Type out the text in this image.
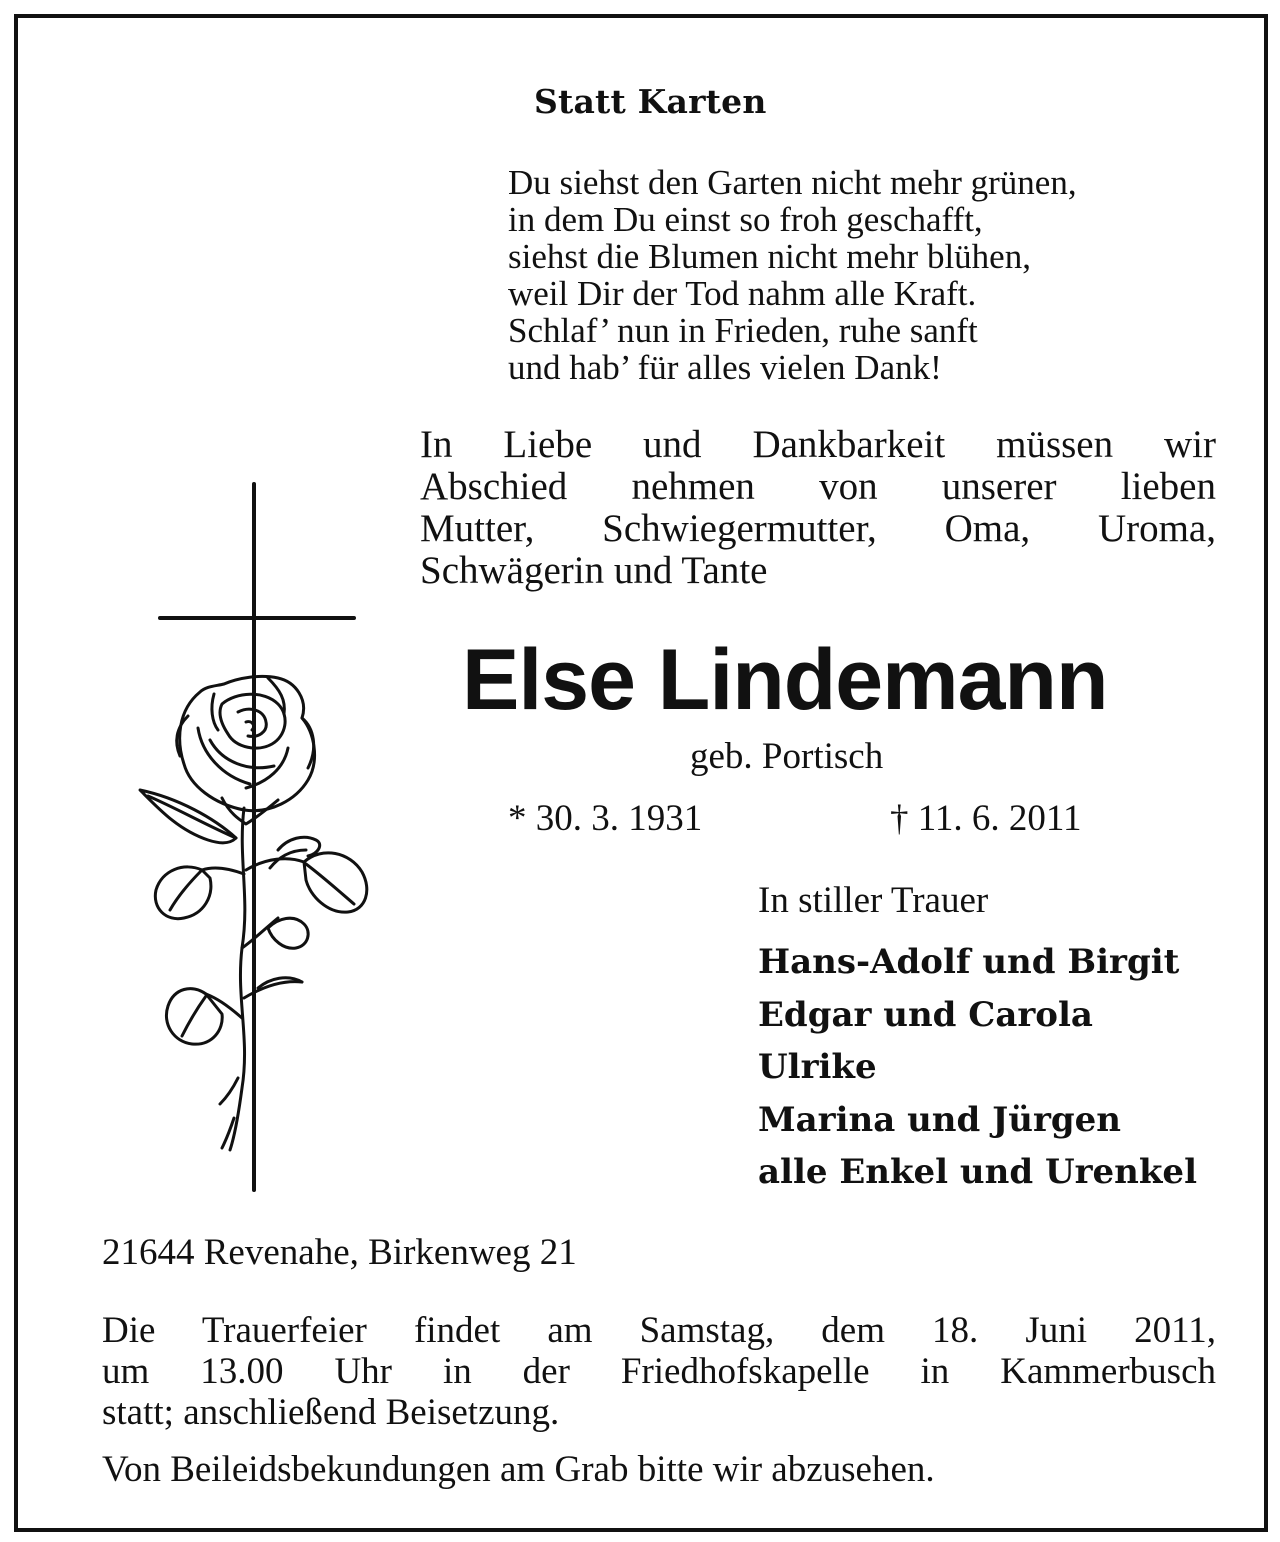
Statt Karten
Du siehst den Garten nicht mehr grünen,
in dem Du einst so froh geschafft,
siehst die Blumen nicht mehr blühen,
weil Dir der Tod nahm alle Kraft.
Schlaf’ nun in Frieden, ruhe sanft
und hab’ für alles vielen Dank!
In Liebe und Dankbarkeit müssen wir
Abschied nehmen von unserer lieben
Mutter, Schwiegermutter, Oma, Uroma,
Schwägerin und Tante
Else Lindemann
geb. Portisch
* 30. 3. 1931	† 11. 6. 2011
In stiller Trauer
Hans-Adolf und Birgit
Edgar und Carola
Ulrike
Marina und Jürgen
alle Enkel und Urenkel
21644 Revenahe, Birkenweg 21
Die Trauerfeier findet am Samstag, dem 18. Juni 2011,
um 13.00 Uhr in der Friedhofskapelle in Kammerbusch
statt; anschließend Beisetzung.
Von Beileidsbekundungen am Grab bitte wir abzusehen.
